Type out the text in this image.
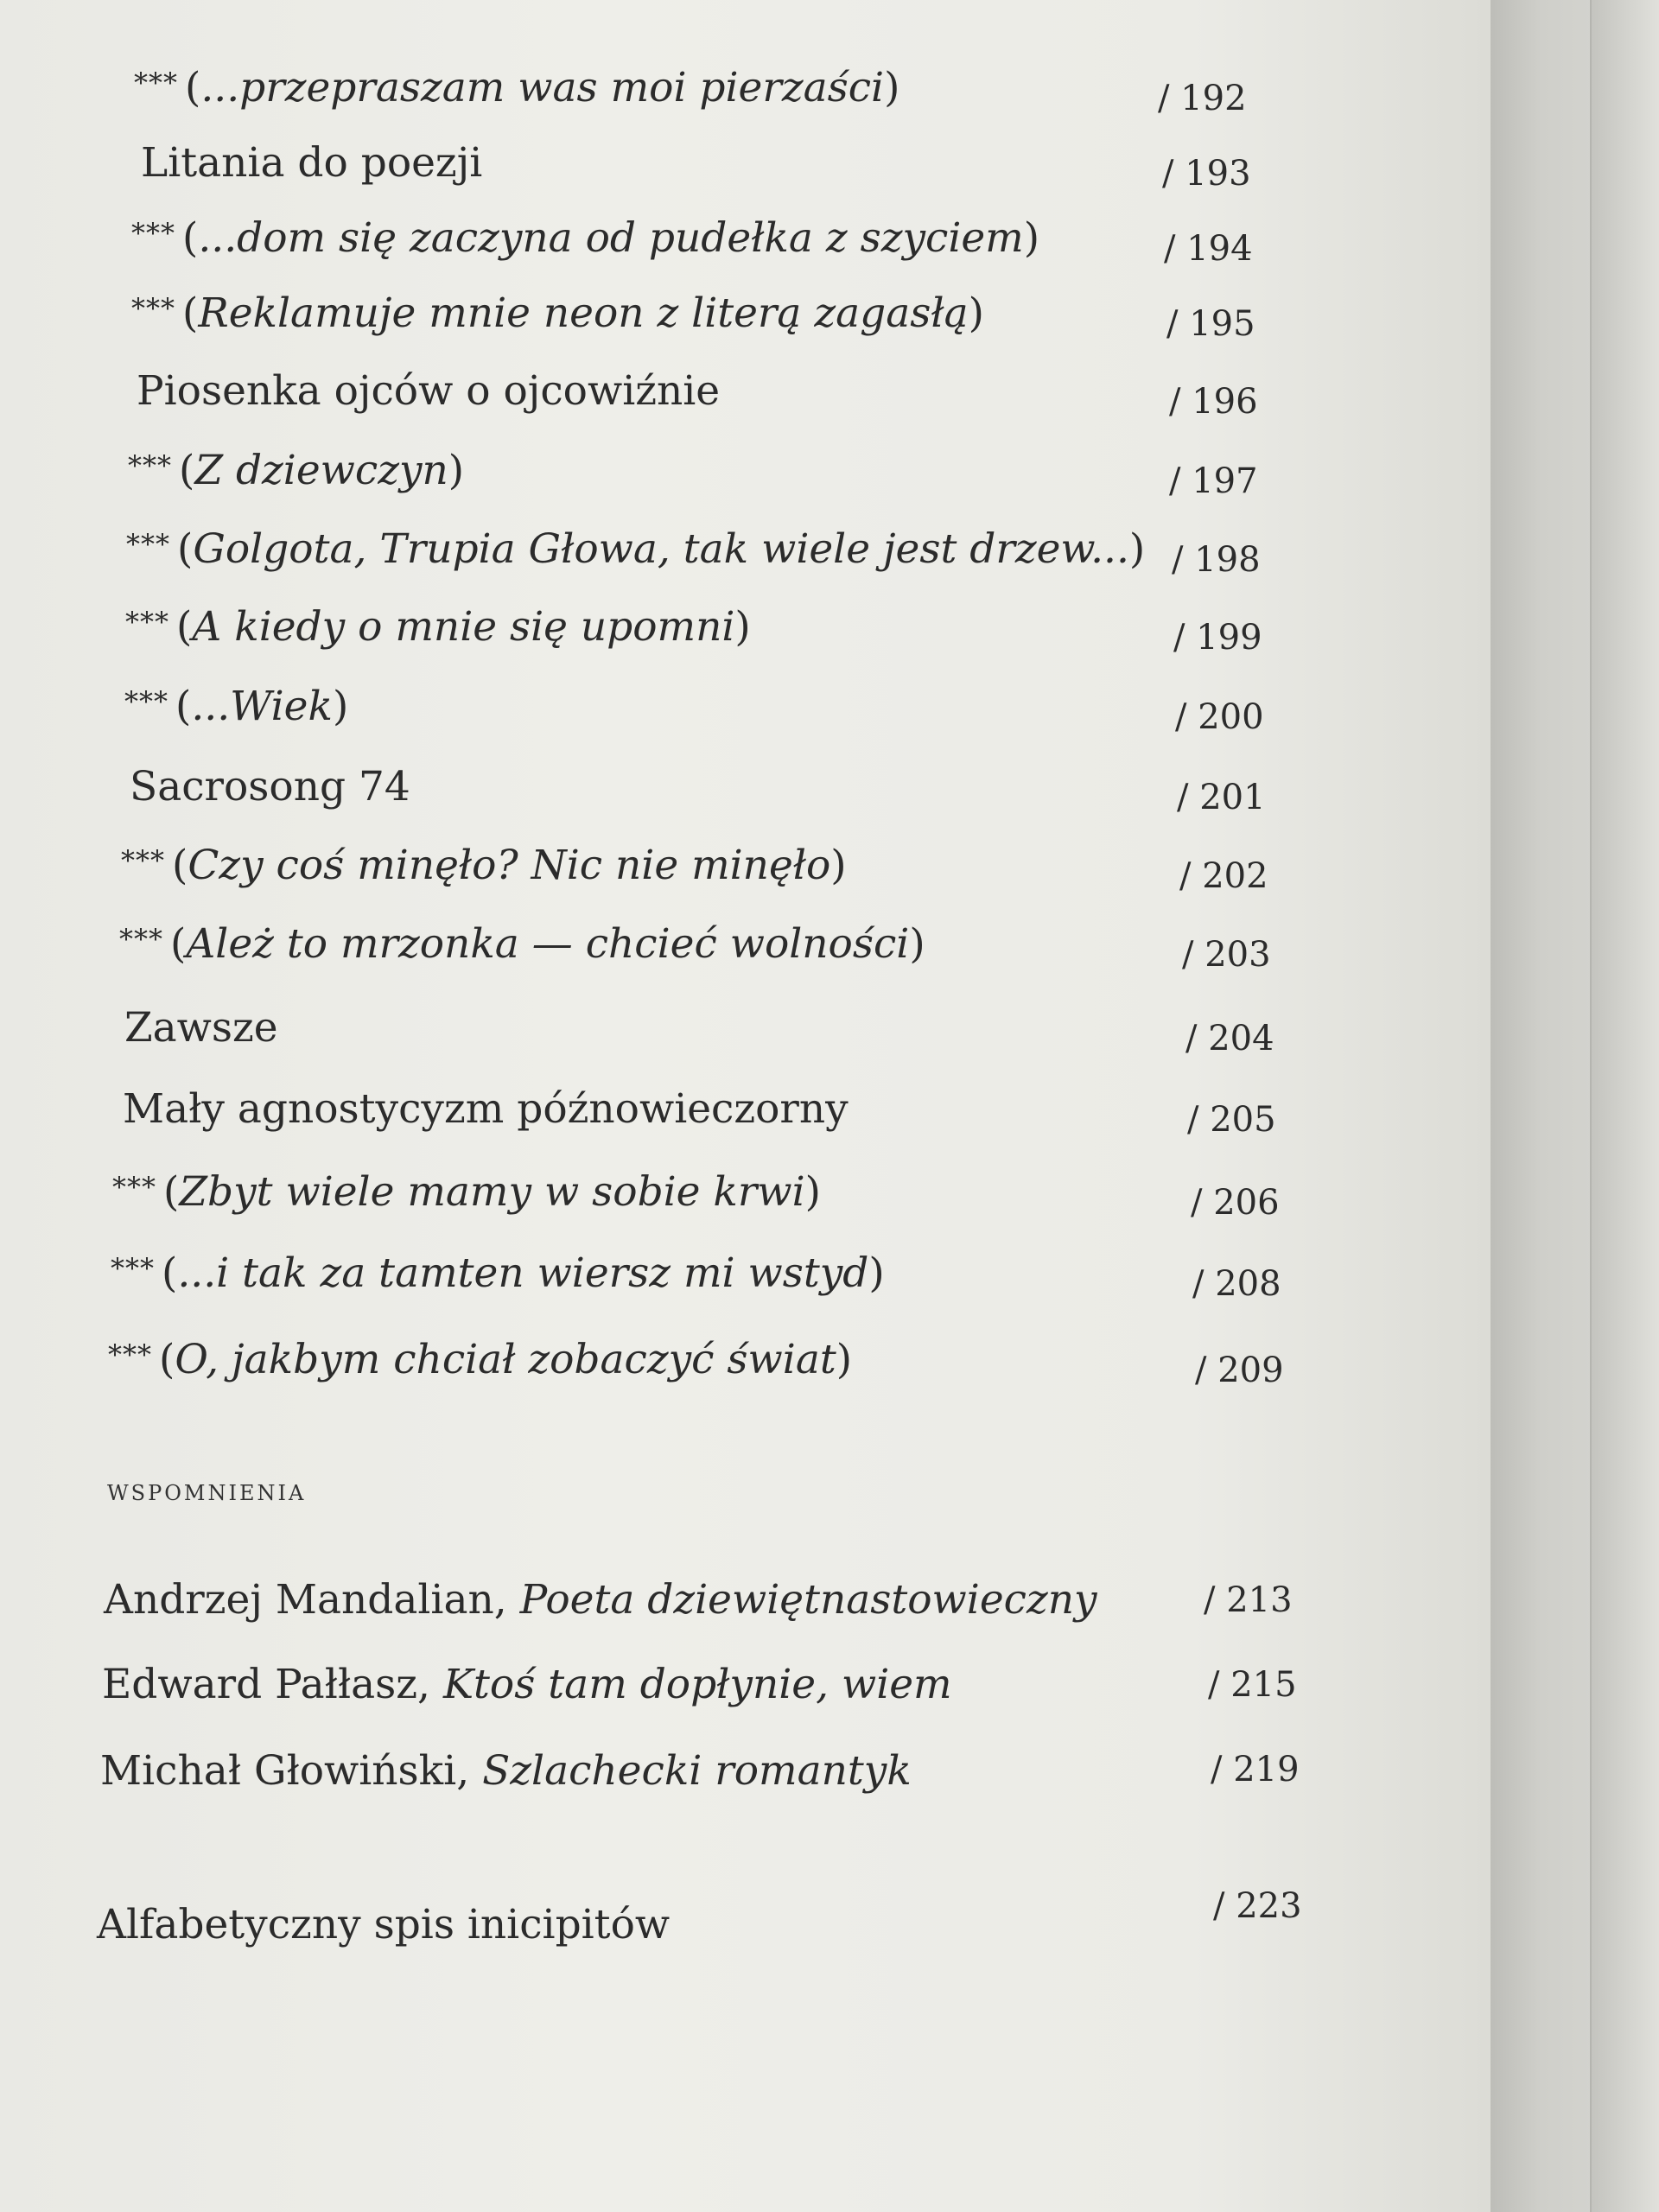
*** (...przepraszam was moi pierzaści)	/ 192
Litania do poezji	/ 193
*** (...dom się zaczyna od pudełka z szyciem)	/ 194
*** (Reklamuje mnie neon z literą zagasłą)	/ 195
Piosenka ojców o ojcowiźnie	/ 196
*** (Z dziewczyn)	/ 197
*** (Golgota, Trupia Głowa, tak wiele jest drzew...) / 198
*** (A kiedy o mnie się upomni)	/ 199
*** (...Wiek)	/ 200
Sacrosong 74	/ 201
*** (Czy coś minęło? Nic nie minęło)	/ 202
*** (Ależ to mrzonka — chcieć wolności)	/ 203
Zawsze	/ 204
Mały agnostycyzm późnowieczorny	/ 205
*** (Zbyt wiele mamy w sobie krwi)	/ 206
*** (...i tak za tamten wiersz mi wstyd)	/ 208
*** (O, jakbym chciał zobaczyć świat)	/ 209
wspomnienia
Andrzej Mandalian, Poeta dziewiętnastowieczny	/ 213
Edward Pałłasz, Ktoś tam dopłynie, wiem	/ 215
Michał Głowiński, Szlachecki romantyk	/ 219
Alfabetyczny spis inicipitów	/ 223
